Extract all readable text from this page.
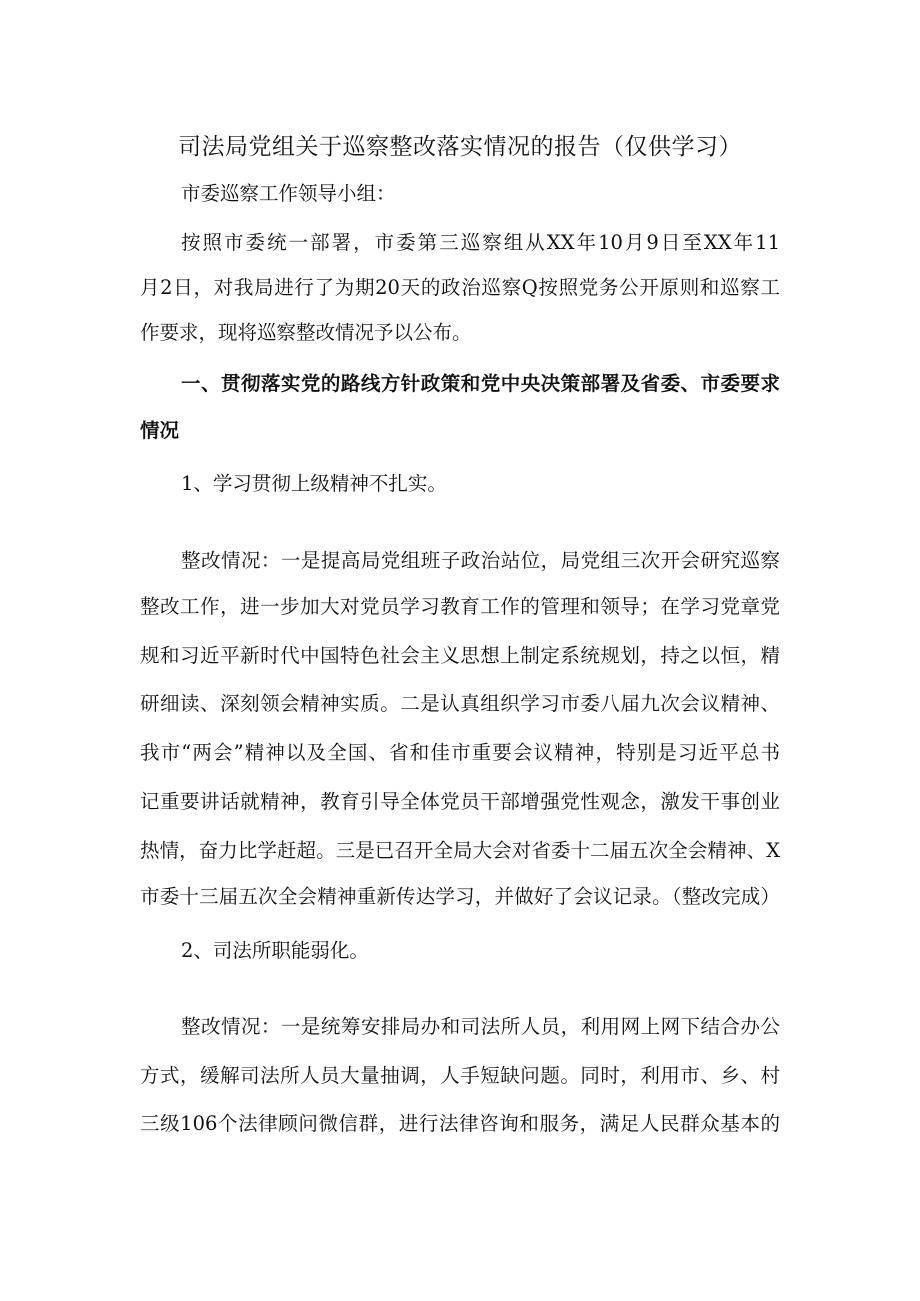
司法局党组关于巡察整改落实情况的报告（仅供学习）
市委巡察工作领导小组：
按照市委统一部署，市委第三巡察组从XX年10月9日至XX年11
月2日，对我局进行了为期20天的政治巡察Q按照党务公开原则和巡察工
作要求，现将巡察整改情况予以公布。
一、贯彻落实党的路线方针政策和党中央决策部署及省委、市委要求
情况
1、学习贯彻上级精神不扎实。
整改情况：一是提高局党组班子政治站位，局党组三次开会研究巡察
整改工作，进一步加大对党员学习教育工作的管理和领导；在学习党章党
规和习近平新时代中国特色社会主义思想上制定系统规划，持之以恒，精
研细读、深刻领会精神实质。二是认真组织学习市委八届九次会议精神、
我市“两会”精神以及全国、省和佳市重要会议精神，特别是习近平总书
记重要讲话就精神，教育引导全体党员干部增强党性观念，激发干事创业
热情，奋力比学赶超。三是已召开全局大会对省委十二届五次全会精神、X
市委十三届五次全会精神重新传达学习，并做好了会议记录。（整改完成）
2、司法所职能弱化。
整改情况：一是统筹安排局办和司法所人员，利用网上网下结合办公
方式，缓解司法所人员大量抽调，人手短缺问题。同时，利用市、乡、村
三级106个法律顾问微信群，进行法律咨询和服务，满足人民群众基本的
